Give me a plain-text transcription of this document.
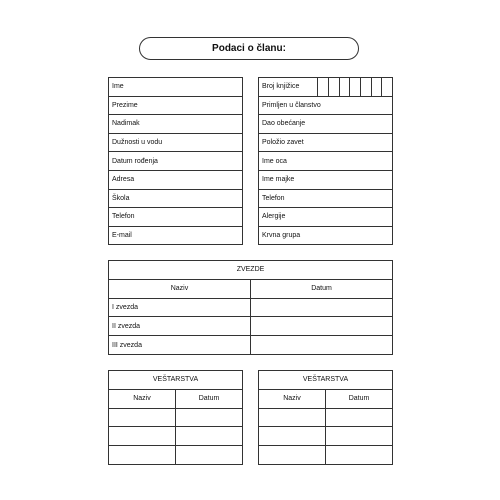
Podaci o članu:
Ime
Prezime
Nadimak
Dužnosti u vodu
Datum rođenja
Adresa
Škola
Telefon
E-mail
Broj knjižice							
Primljen u članstvo
Dao obećanje
Položio zavet
Ime oca
Ime majke
Telefon
Alergije
Krvna grupa
ZVEZDE	
Naziv	Datum
I zvezda	
II zvezda	
III zvezda	
VEŠTARSTVA	
Naziv	Datum

VEŠTARSTVA	
Naziv	Datum
